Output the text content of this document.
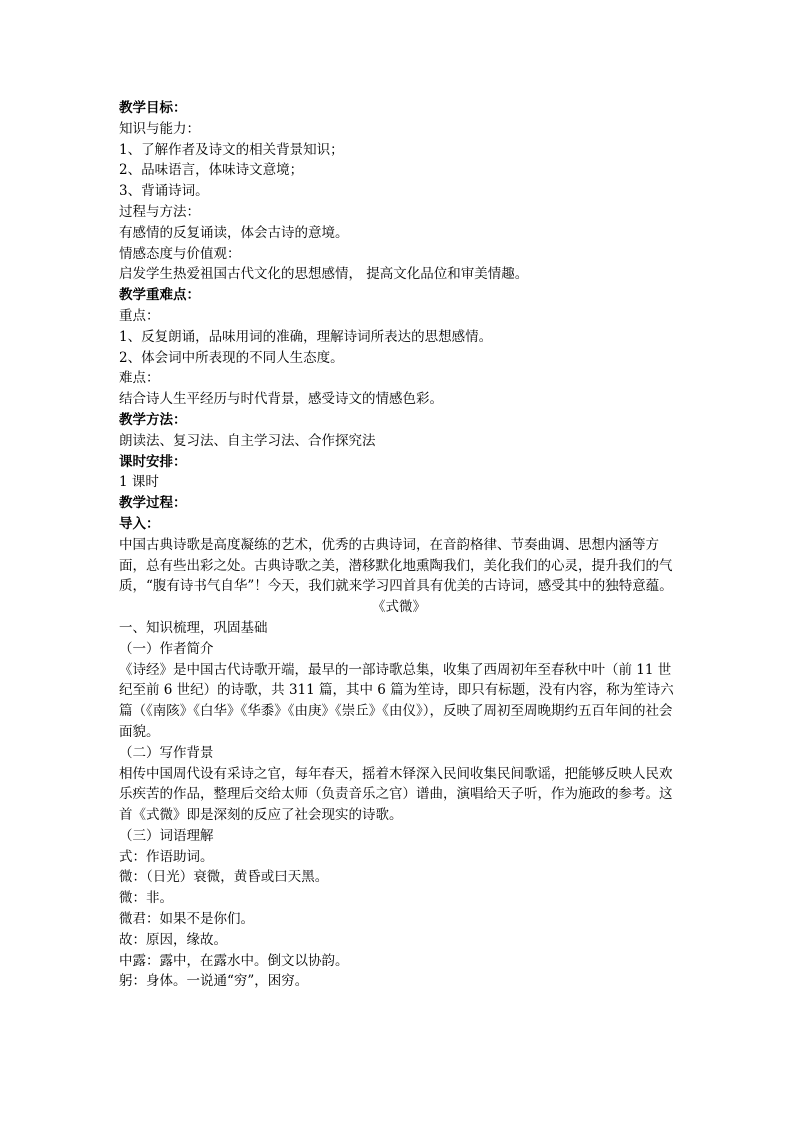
教学目标：
知识与能力：
1、了解作者及诗文的相关背景知识；
2、品味语言，体味诗文意境；
3、背诵诗词。
过程与方法：
有感情的反复诵读，体会古诗的意境。
情感态度与价值观：
启发学生热爱祖国古代文化的思想感情， 提高文化品位和审美情趣。
教学重难点：
重点：
1、反复朗诵，品味用词的准确，理解诗词所表达的思想感情。
2、体会词中所表现的不同人生态度。
难点：
结合诗人生平经历与时代背景，感受诗文的情感色彩。
教学方法：
朗读法、复习法、自主学习法、合作探究法
课时安排：
1 课时
教学过程：
导入：
中国古典诗歌是高度凝练的艺术，优秀的古典诗词，在音韵格律、节奏曲调、思想内涵等方面，总有些出彩之处。古典诗歌之美，潜移默化地熏陶我们，美化我们的心灵，提升我们的气质，“腹有诗书气自华”！今天，我们就来学习四首具有优美的古诗词，感受其中的独特意蕴。
《式微》
一、知识梳理，巩固基础
（一）作者简介
《诗经》是中国古代诗歌开端，最早的一部诗歌总集，收集了西周初年至春秋中叶（前 11 世纪至前 6 世纪）的诗歌，共 311 篇，其中 6 篇为笙诗，即只有标题，没有内容，称为笙诗六篇（《南陔》《白华》《华黍》《由庚》《崇丘》《由仪》），反映了周初至周晚期约五百年间的社会面貌。
（二）写作背景
相传中国周代设有采诗之官，每年春天，摇着木铎深入民间收集民间歌谣，把能够反映人民欢乐疾苦的作品，整理后交给太师（负责音乐之官）谱曲，演唱给天子听，作为施政的参考。这首《式微》即是深刻的反应了社会现实的诗歌。
（三）词语理解
式：作语助词。
微：（日光）衰微，黄昏或曰天黑。
微：非。
微君：如果不是你们。
故：原因，缘故。
中露：露中，在露水中。倒文以协韵。
躬：身体。一说通“穷”，困穷。
